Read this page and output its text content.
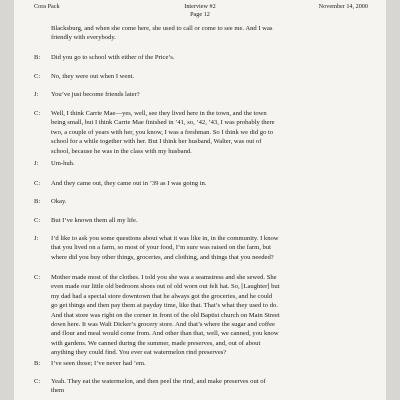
Cora Pack	Interview #2
Page 12
November 14, 2000
Blacksburg, and when she come here, she used to call or come to see me. And I was
friendly with everybody.
B:	Did you go to school with either of the Price’s.
C:	No, they were out when I went.
J:	You’ve just become friends later?
C:	Well, I think Carrie Mae—yes, well, see they lived here in the town, and the town
being small, but I think Carrie Mae finished in ’41, so, ’42, ’43, I was probably there
two, a couple of years with her, you know, I was a freshman. So I think we did go to
school for a while together with her. But I think her husband, Walter, was out of
school, because he was in the class with my husband.
J:	Um-huh.
C:	And they came out, they came out in ’39 as I was going in.
B:	Okay.
C:	But I’ve known them all my life.
J:	I’d like to ask you some questions about what it was like in, in the community. I know
that you lived on a farm, so most of your food, I’m sure was raised on the farm, but
where did you buy other things, groceries, and clothing, and things that you needed?
C:	Mother made most of the clothes. I told you she was a seamstress and she sewed. She
even made our little old bedroom shoes out of old worn out felt hat. So, [Laughter] but
my dad had a special store downtown that he always got the groceries, and he could
go get things and then pay them at payday time, like that. That’s what they used to do.
And that store was right on the corner in front of the old Baptist church on Main Street
down here. It was Walt Dicker’s grocery store. And that’s where the sugar and coffee
and flour and meal would come from. And other than that, well, we canned, you know
with gardens. We canned during the summer, made preserves, and, out of about
anything they could find. You ever eat watermelon rind preserves?
B:	I’ve seen those; I’ve never had ’em.
C:	Yeah. They eat the watermelon, and then peel the rind, and make preserves out of
them
